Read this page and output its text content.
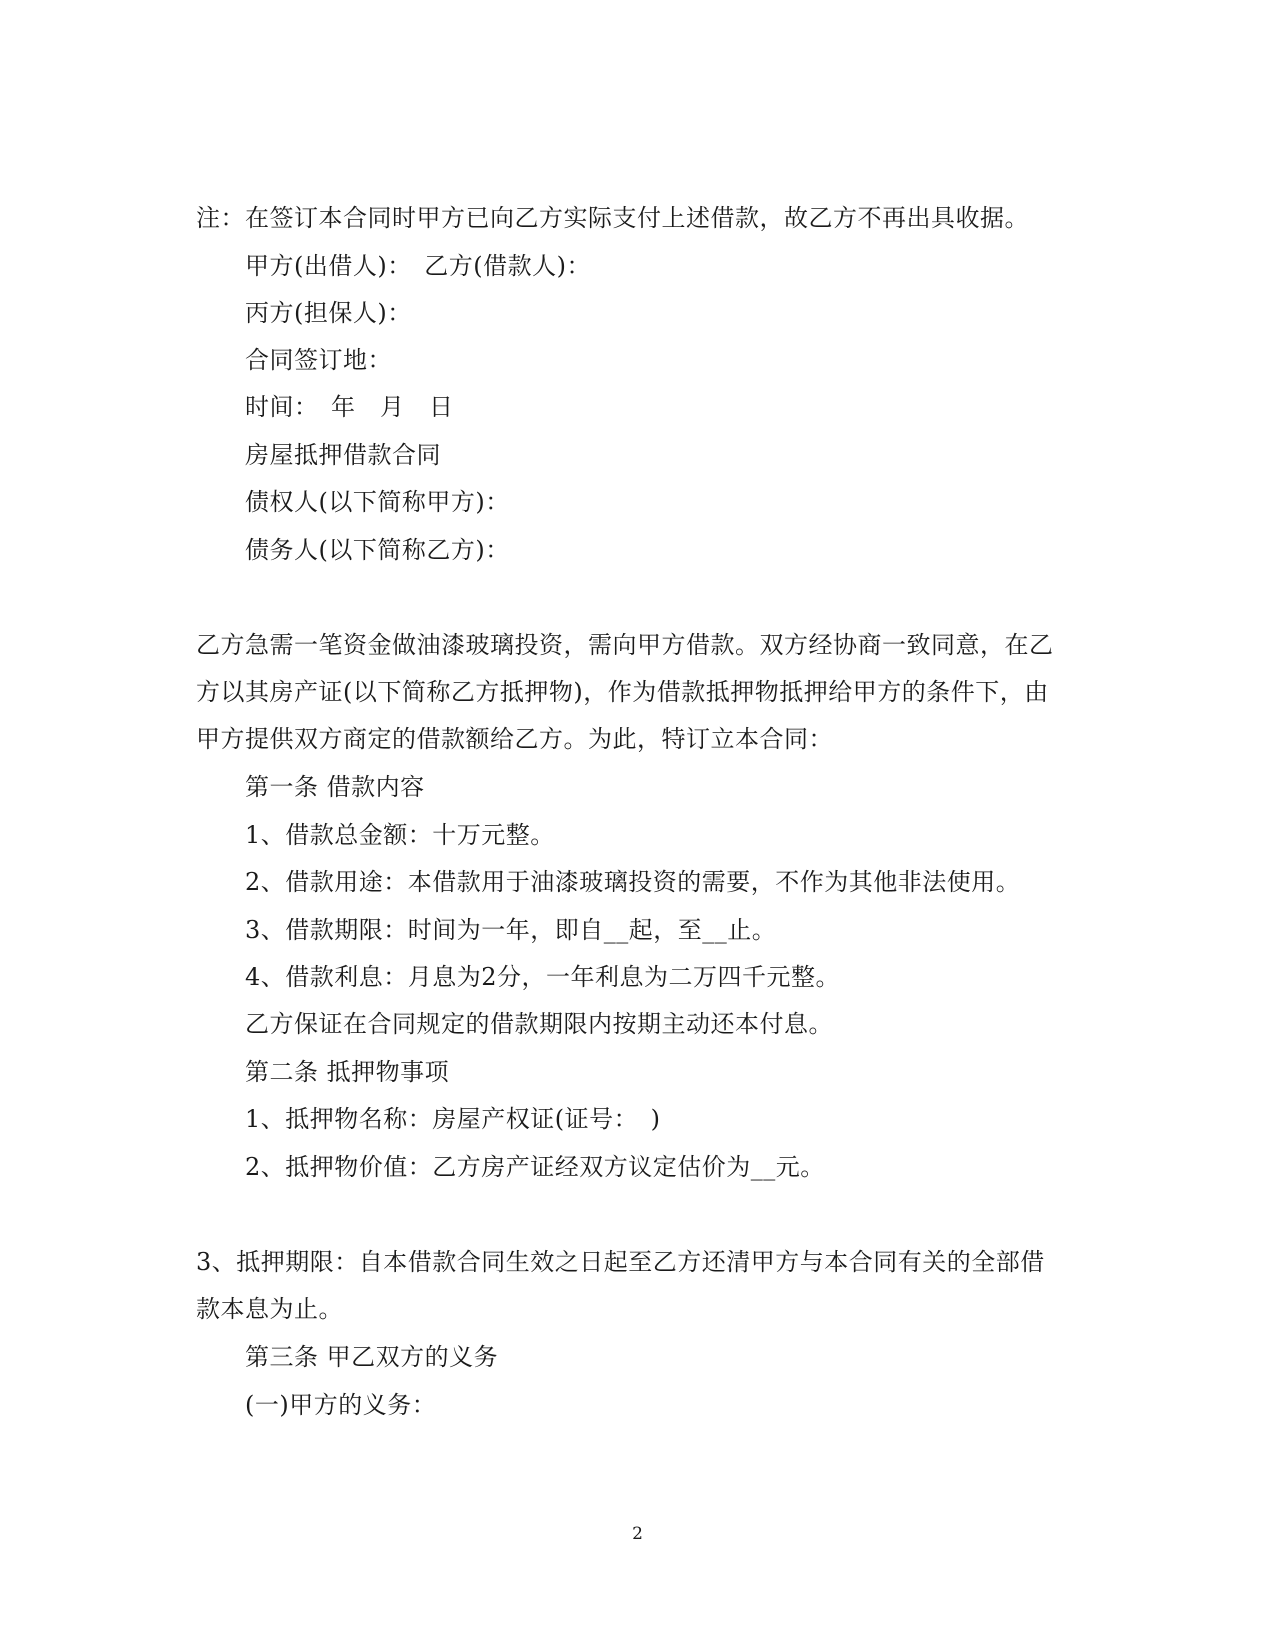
注：在签订本合同时甲方已向乙方实际支付上述借款，故乙方不再出具收据。
甲方(出借人)：　乙方(借款人)：
丙方(担保人)：
合同签订地：
时间：　年　月　日
房屋抵押借款合同
债权人(以下简称甲方)：
债务人(以下简称乙方)：
乙方急需一笔资金做油漆玻璃投资，需向甲方借款。双方经协商一致同意，在乙
方以其房产证(以下简称乙方抵押物)，作为借款抵押物抵押给甲方的条件下，由
甲方提供双方商定的借款额给乙方。为此，特订立本合同：
第一条 借款内容
1、借款总金额：十万元整。
2、借款用途：本借款用于油漆玻璃投资的需要，不作为其他非法使用。
3、借款期限：时间为一年，即自__起，至__止。
4、借款利息：月息为2分，一年利息为二万四千元整。
乙方保证在合同规定的借款期限内按期主动还本付息。
第二条 抵押物事项
1、抵押物名称：房屋产权证(证号：　)
2、抵押物价值：乙方房产证经双方议定估价为__元。
3、抵押期限：自本借款合同生效之日起至乙方还清甲方与本合同有关的全部借
款本息为止。
第三条 甲乙双方的义务
(一)甲方的义务：
2
